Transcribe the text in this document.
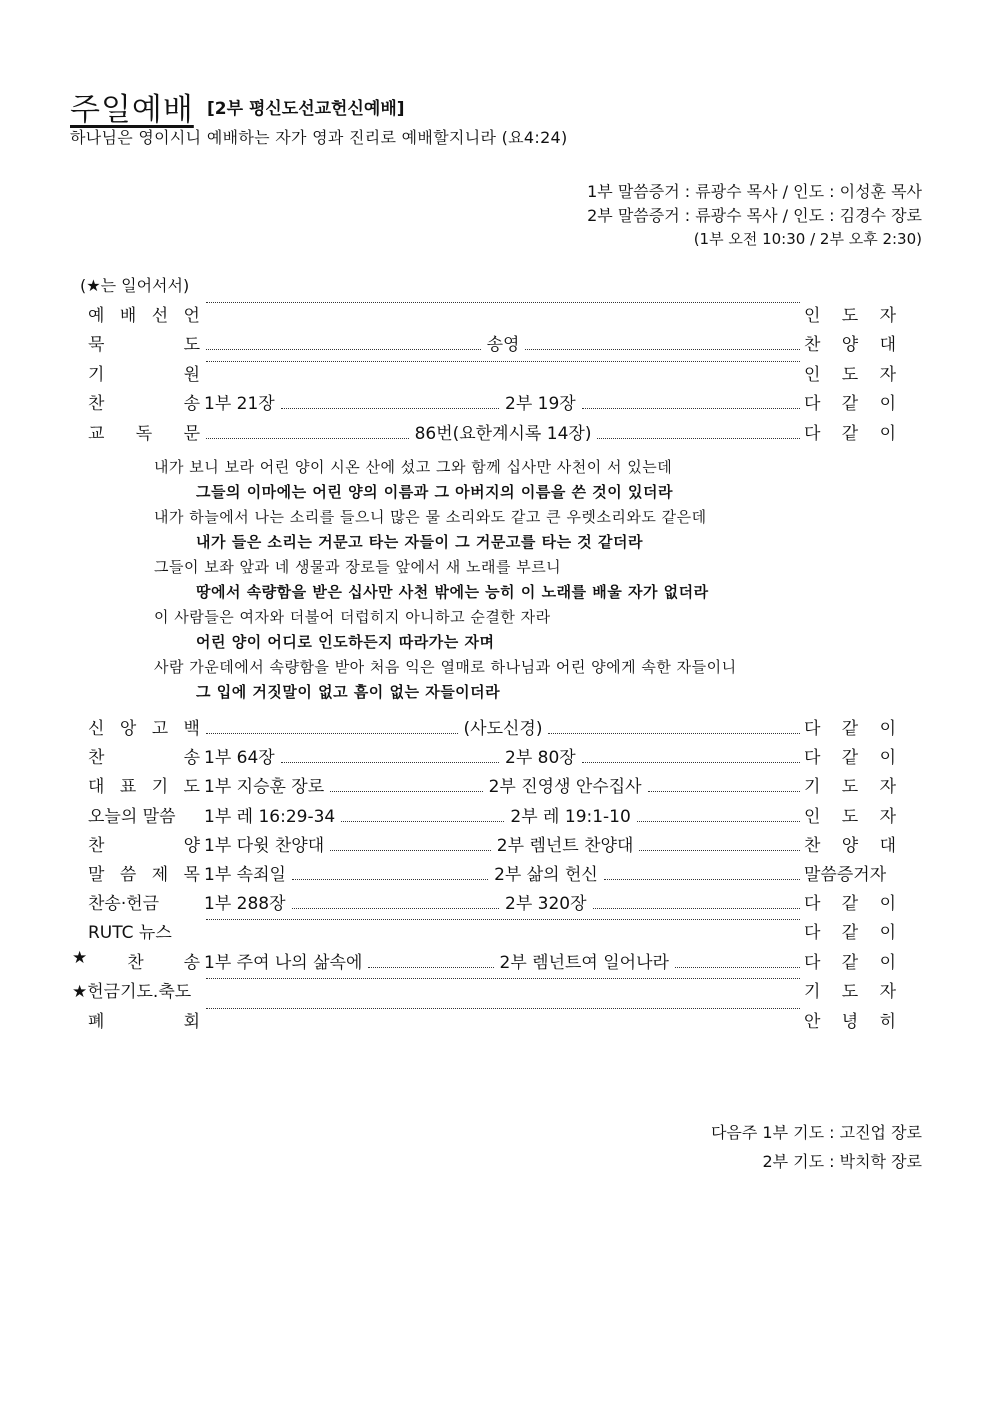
주일예배 [2부 평신도선교헌신예배]
하나님은 영이시니 예배하는 자가 영과 진리로 예배할지니라 (요4:24)
1부 말씀증거 : 류광수 목사 / 인도 : 이성훈 목사
2부 말씀증거 : 류광수 목사 / 인도 : 김경수 장로
(1부 오전 10:30 / 2부 오후 2:30)
(★는 일어서서)
예 배 선 언	인 도 자
묵	도	송영	찬 양 대
기	원	인 도 자
찬	송 1부 21장	2부 19장	다 같 이
교 독 문	86번(요한계시록 14장)	다 같 이
내가 보니 보라 어린 양이 시온 산에 섰고 그와 함께 십사만 사천이 서 있는데
그들의 이마에는 어린 양의 이름과 그 아버지의 이름을 쓴 것이 있더라
내가 하늘에서 나는 소리를 들으니 많은 물 소리와도 같고 큰 우렛소리와도 같은데
내가 들은 소리는 거문고 타는 자들이 그 거문고를 타는 것 같더라
그들이 보좌 앞과 네 생물과 장로들 앞에서 새 노래를 부르니
땅에서 속량함을 받은 십사만 사천 밖에는 능히 이 노래를 배울 자가 없더라
이 사람들은 여자와 더불어 더럽히지 아니하고 순결한 자라
어린 양이 어디로 인도하든지 따라가는 자며
사람 가운데에서 속량함을 받아 처음 익은 열매로 하나님과 어린 양에게 속한 자들이니
그 입에 거짓말이 없고 흠이 없는 자들이더라
신 앙 고 백	(사도신경)	다 같 이
찬	송 1부 64장	2부 80장	다 같 이
대 표 기 도 1부 지승훈 장로	2부 진영생 안수집사	기 도 자
오늘의 말씀 1부 레 16:29-34	2부 레 19:1-10	인 도 자
찬	양 1부 다윗 찬양대	2부 렘넌트 찬양대	찬 양 대
말 씀 제 목 1부 속죄일	2부 삶의 헌신	말씀증거자
찬송·헌금	1부 288장	2부 320장	다 같 이
RUTC 뉴스	다 같 이
★ 찬 송 1부 주여 나의 삶속에	2부 렘넌트여 일어나라	다 같 이
★헌금기도.축도	기 도 자
폐	회	안 녕 히
다음주 1부 기도 : 고진업 장로
2부 기도 : 박치학 장로
